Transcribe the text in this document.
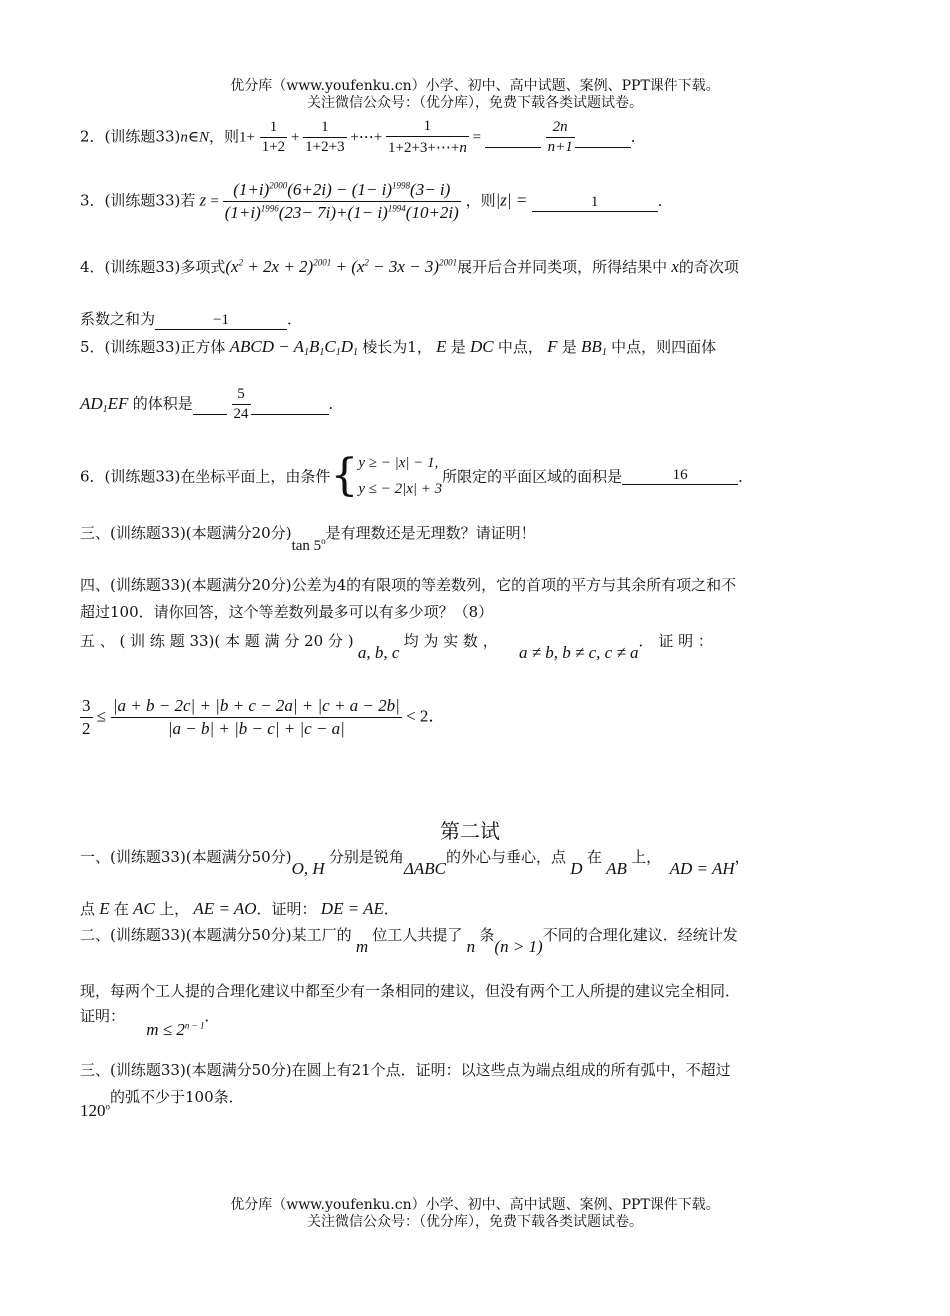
优分库（www.youfenku.cn）小学、初中、高中试题、案例、PPT课件下载。
关注微信公众号：（优分库），免费下载各类试题试卷。
2．(训练题33)n∈N，则$1+ \frac{1}{1+2} + \frac{1}{1+2+3}$ +⋯+ $\frac{1}{1+2+3+\cdots+n}$ =	$\frac{2n}{n+1}$	．
3．(训练题33)若 $z = \frac{(1+i)^{2000}(6+2i) - (1- i)^{1998}(3- i)}{(1+i)^{1996}(23- 7i)+(1- i)^{1994}(10+2i)}$ ，则|z| =	1	．
4．(训练题33)多项式$(x^2 + 2x + 2)^{2001} + (x^2 - 3x - 3)^{2001}$展开后合并同类项，所得结果中 x的奇次项
系数之和为	−1	．
5．(训练题33)正方体 ABCD − $A_1B_1C_1D_1$ 棱长为1， E 是 DC 中点， F 是 $BB_1$ 中点，则四面体
$AD_1EF$ 的体积是	$\frac{5}{24}$	．
6．(训练题33)在坐标平面上，由条件{ y ≥ − |x| − 1,
y ≤ − 2|x| + 3
所限定的平面区域的面积是	16	．
三、(训练题33)(本题满分20分)tan 5$^o$是有理数还是无理数？请证明！
四、(训练题33)(本题满分20分)公差为4的有限项的等差数列，它的首项的平方与其余所有项之和不
超过100．请你回答，这个等差数列最多可以有多少项？（8）
五 、 ( 训 练 题 33)( 本 题 满 分 20 分 ) a, b, c 均 为 实 数 ，     a ≠ b, b ≠ c, c ≠ a． 证 明 ：
$\frac{3}{2} \le \frac{|a + b - 2c| + |b + c - 2a| + |c + a - 2b|}{|a - b| + |b - c| + |c - a|} < 2$．
第二试
一、(训练题33)(本题满分50分)O, H 分别是锐角ΔABC的外心与垂心，点 D 在 AB 上，  AD = AH，
点 E 在 AC 上， AE = AO．证明： DE = AE．
二、(训练题33)(本题满分50分)某工厂的 m 位工人共提了 n 条(n > 1)不同的合理化建议．经统计发
现，每两个工人提的合理化建议中都至少有一条相同的建议，但没有两个工人所提的建议完全相同．
证明：     $m \le 2^{n - 1}$．
三、(训练题33)(本题满分50分)在圆上有21个点．证明：以这些点为端点组成的所有弧中，不超过
120$^o$的弧不少于100条．
优分库（www.youfenku.cn）小学、初中、高中试题、案例、PPT课件下载。
关注微信公众号：（优分库），免费下载各类试题试卷。
